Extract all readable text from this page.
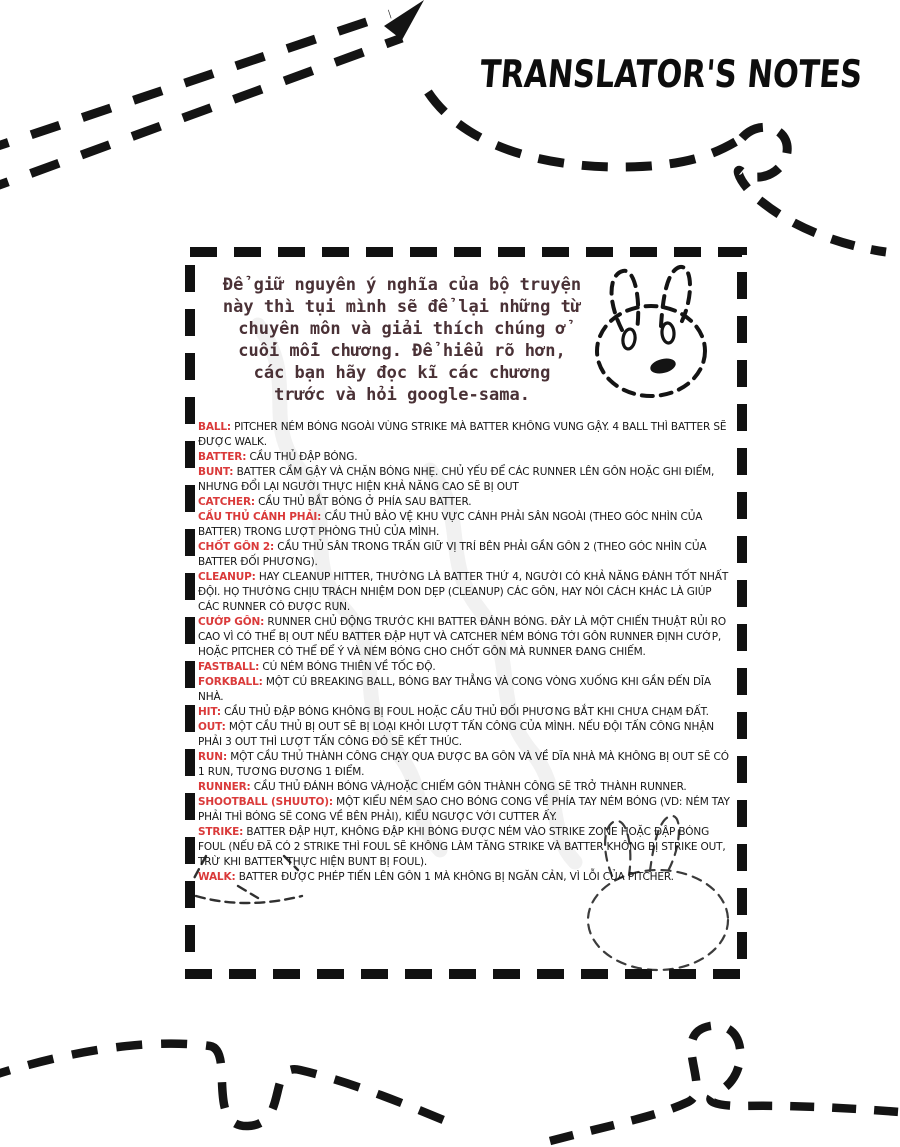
TRANSLATOR'S NOTES
Để giữ nguyên ý nghĩa của bộ truyện
này thì tụi mình sẽ để lại những từ
chuyên môn và giải thích chúng ở
cuối mỗi chương. Để hiểu rõ hơn,
các bạn hãy đọc kĩ các chương
trước và hỏi google-sama.
BALL: PITCHER NÉM BÓNG NGOÀI VÙNG STRIKE MÀ BATTER KHÔNG VUNG GẬY. 4 BALL THÌ BATTER SẼ ĐƯỢC WALK.
BATTER: CẦU THỦ ĐẬP BÓNG.
BUNT: BATTER CẦM GẬY VÀ CHẶN BÓNG NHẸ. CHỦ YẾU ĐỂ CÁC RUNNER LÊN GÔN HOẶC GHI ĐIỂM, NHƯNG ĐỔI LẠI NGƯỜI THỰC HIỆN KHẢ NĂNG CAO SẼ BỊ OUT
CATCHER: CẦU THỦ BẮT BÓNG Ở PHÍA SAU BATTER.
CẦU THỦ CÁNH PHẢI: CẦU THỦ BẢO VỆ KHU VỰC CÁNH PHẢI SÂN NGOÀI (THEO GÓC NHÌN CỦA BATTER) TRONG LƯỢT PHÒNG THỦ CỦA MÌNH.
CHỐT GÔN 2: CẦU THỦ SÂN TRONG TRẤN GIỮ VỊ TRÍ BÊN PHẢI GẦN GÔN 2 (THEO GÓC NHÌN CỦA BATTER ĐỐI PHƯƠNG).
CLEANUP: HAY CLEANUP HITTER, THƯỜNG LÀ BATTER THỨ 4, NGƯỜI CÓ KHẢ NĂNG ĐÁNH TỐT NHẤT ĐỘI. HỌ THƯỜNG CHỊU TRÁCH NHIỆM DON DẸP (CLEANUP) CÁC GÔN, HAY NÓI CÁCH KHÁC LÀ GIÚP CÁC RUNNER CÓ ĐƯỢC RUN.
CƯỚP GÔN: RUNNER CHỦ ĐỘNG TRƯỚC KHI BATTER ĐÁNH BÓNG. ĐÂY LÀ MỘT CHIẾN THUẬT RỦI RO CAO VÌ CÓ THỂ BỊ OUT NẾU BATTER ĐẬP HỤT VÀ CATCHER NÉM BÓNG TỚI GÔN RUNNER ĐỊNH CƯỚP, HOẶC PITCHER CÓ THỂ ĐỂ Ý VÀ NÉM BÓNG CHO CHỐT GÔN MÀ RUNNER ĐANG CHIẾM.
FASTBALL: CÚ NÉM BÓNG THIÊN VỀ TỐC ĐỘ.
FORKBALL: MỘT CÚ BREAKING BALL, BÓNG BAY THẲNG VÀ CONG VÒNG XUỐNG KHI GẦN ĐẾN DĨA NHÀ.
HIT: CẦU THỦ ĐẬP BÓNG KHÔNG BỊ FOUL HOẶC CẦU THỦ ĐỐI PHƯƠNG BẮT KHI CHƯA CHẠM ĐẤT.
OUT: MỘT CẦU THỦ BỊ OUT SẼ BỊ LOẠI KHỎI LƯỢT TẤN CÔNG CỦA MÌNH. NẾU ĐỘI TẤN CÔNG NHẬN PHẢI 3 OUT THÌ LƯỢT TẤN CÔNG ĐÓ SẼ KẾT THÚC.
RUN: MỘT CẦU THỦ THÀNH CÔNG CHẠY QUA ĐƯỢC BA GÔN VÀ VỀ DĨA NHÀ MÀ KHÔNG BỊ OUT SẼ CÓ 1 RUN, TƯƠNG ĐƯƠNG 1 ĐIỂM.
RUNNER: CẦU THỦ ĐÁNH BÓNG VÀ/HOẶC CHIẾM GÔN THÀNH CÔNG SẼ TRỞ THÀNH RUNNER.
SHOOTBALL (SHUUTO): MỘT KIỂU NÉM SAO CHO BÓNG CONG VỀ PHÍA TAY NÉM BÓNG (VD: NÉM TAY PHẢI THÌ BÓNG SẼ CONG VỀ BÊN PHẢI), KIỂU NGƯỢC VỚI CUTTER ẤY.
STRIKE: BATTER ĐẬP HỤT, KHÔNG ĐẬP KHI BÓNG ĐƯỢC NÉM VÀO STRIKE ZONE HOẶC ĐẬP BÓNG FOUL (NẾU ĐÃ CÓ 2 STRIKE THÌ FOUL SẼ KHÔNG LÀM TĂNG STRIKE VÀ BATTER KHÔNG BỊ STRIKE OUT, TRỪ KHI BATTER THỰC HIỆN BUNT BỊ FOUL).
WALK: BATTER ĐƯỢC PHÉP TIẾN LÊN GÔN 1 MÀ KHÔNG BỊ NGĂN CẢN, VÌ LỖI CỦA PITCHER.
